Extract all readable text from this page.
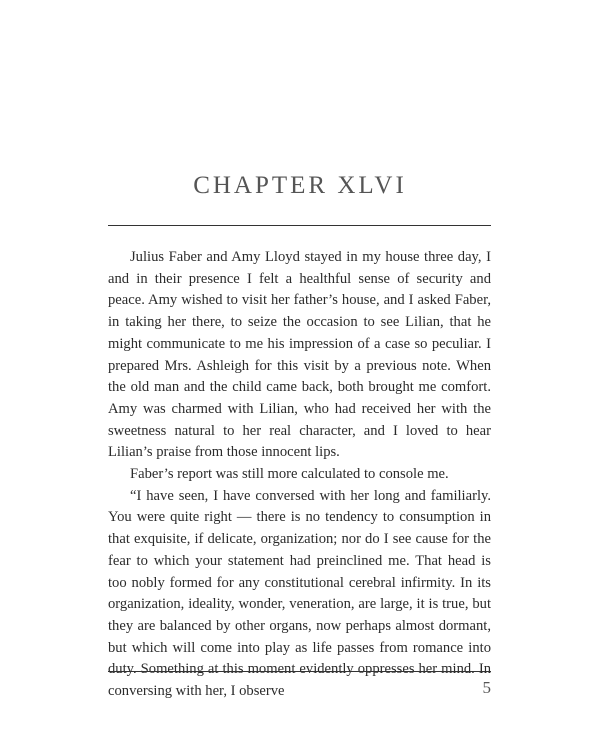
CHAPTER XLVI

Julius Faber and Amy Lloyd stayed in my house three day, I and in their presence I felt a healthful sense of security and peace. Amy wished to visit her father’s house, and I asked Faber, in taking her there, to seize the occasion to see Lilian, that he might communicate to me his impression of a case so peculiar. I prepared Mrs. Ashleigh for this visit by a previous note. When the old man and the child came back, both brought me comfort. Amy was charmed with Lilian, who had received her with the sweetness natural to her real character, and I loved to hear Lilian’s praise from those innocent lips.

Faber’s report was still more calculated to console me.

“I have seen, I have conversed with her long and familiarly. You were quite right — there is no tendency to consumption in that exquisite, if delicate, organization; nor do I see cause for the fear to which your statement had preinclined me. That head is too nobly formed for any constitutional cerebral infirmity. In its organization, ideality, wonder, veneration, are large, it is true, but they are balanced by other organs, now perhaps almost dormant, but which will come into play as life passes from romance into duty. Something at this moment evidently oppresses her mind. In conversing with her, I observe	5
